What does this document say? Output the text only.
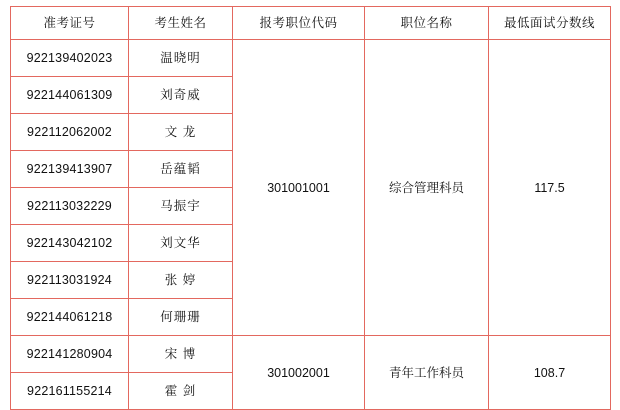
准考证号	考生姓名	报考职位代码	职位名称	最低面试分数线
922139402023	温晓明	301001001	综合管理科员	117.5
922144061309	刘奇威			
922112062002	文 龙			
922139413907	岳蕴韬			
922113032229	马振宇			
922143042102	刘文华			
922113031924	张 婷			
922144061218	何珊珊			
922141280904	宋 博	301002001	青年工作科员	108.7
922161155214	霍 剑			
